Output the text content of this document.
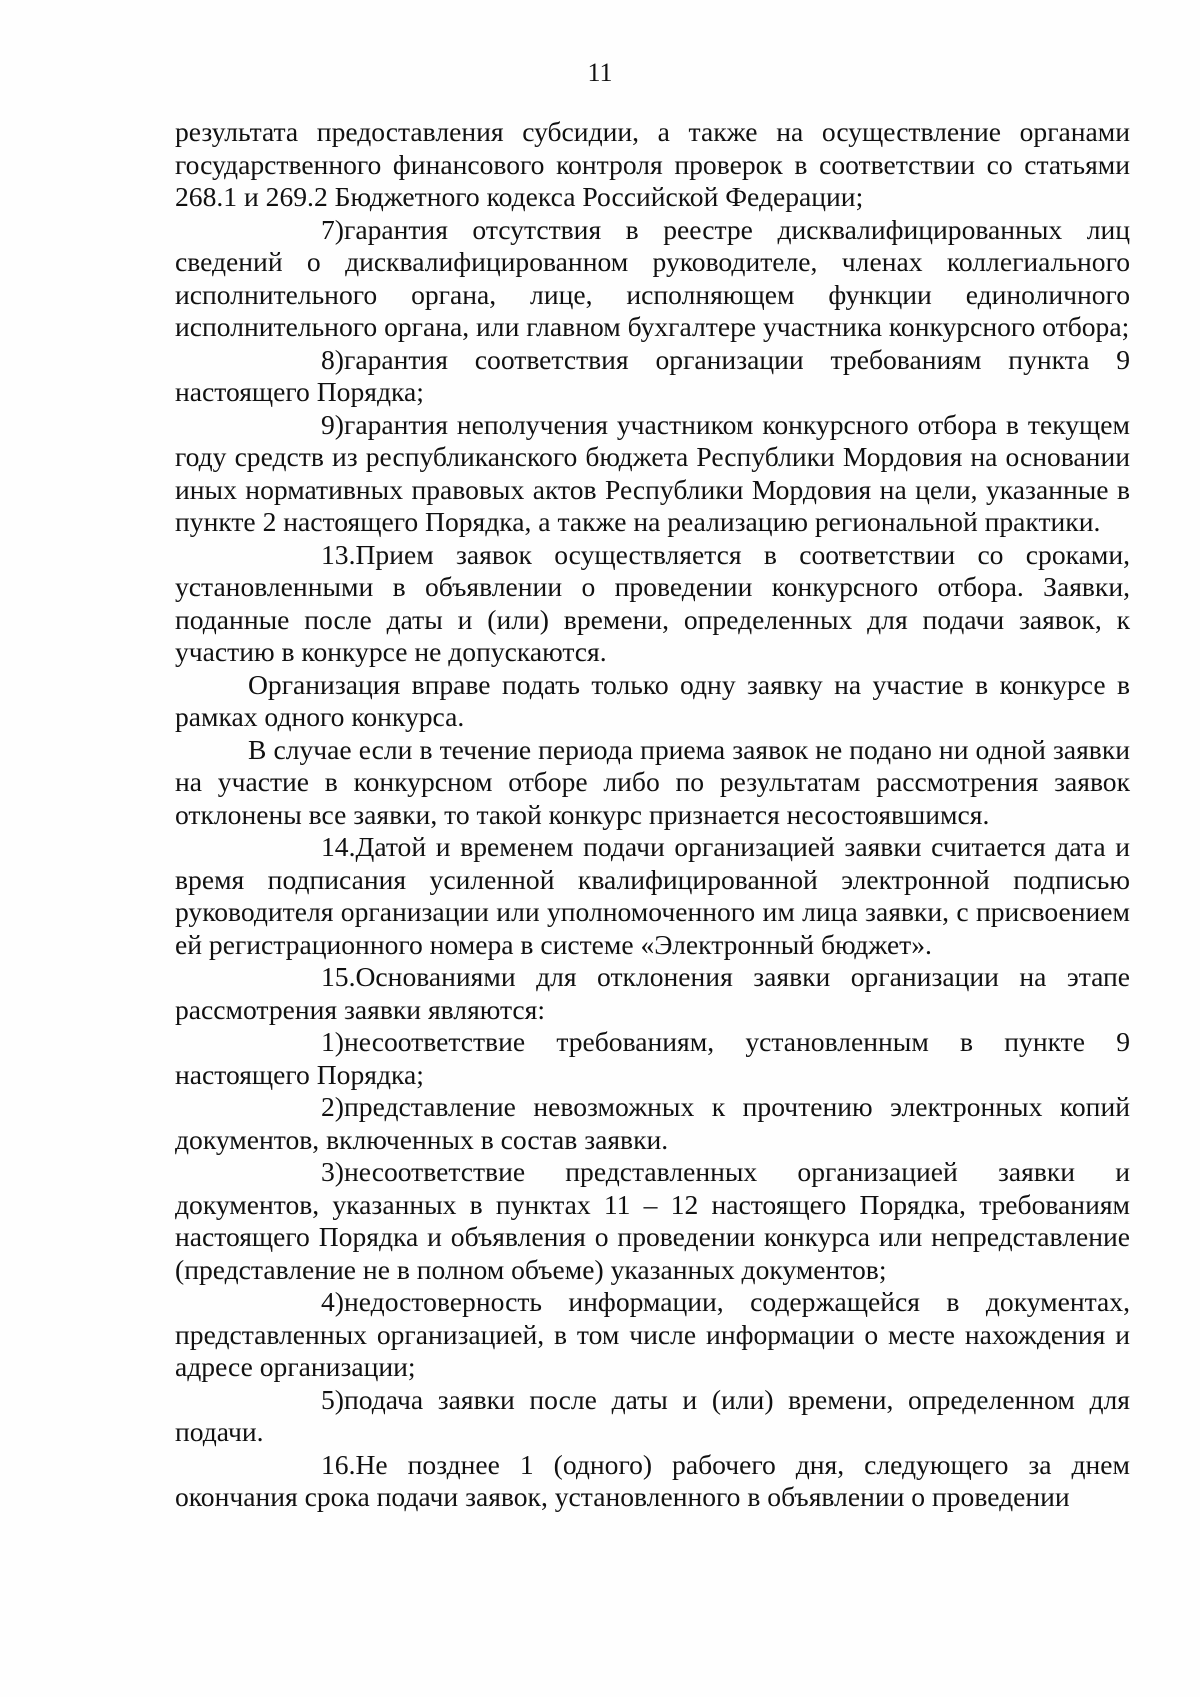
11

результата предоставления субсидии, а также на осуществление органами государственного финансового контроля проверок в соответствии со статьями 268.1 и 269.2 Бюджетного кодекса Российской Федерации;

7)гарантия отсутствия в реестре дисквалифицированных лиц сведений о дисквалифицированном руководителе, членах коллегиального исполнительного органа, лице, исполняющем функции единоличного исполнительного органа, или главном бухгалтере участника конкурсного отбора;

8)гарантия соответствия организации требованиям пункта 9 настоящего Порядка;

9)гарантия неполучения участником конкурсного отбора в текущем году средств из республиканского бюджета Республики Мордовия на основании иных нормативных правовых актов Республики Мордовия на цели, указанные в пункте 2 настоящего Порядка, а также на реализацию региональной практики.

13.Прием заявок осуществляется в соответствии со сроками, установленными в объявлении о проведении конкурсного отбора. Заявки, поданные после даты и (или) времени, определенных для подачи заявок, к участию в конкурсе не допускаются.

Организация вправе подать только одну заявку на участие в конкурсе в рамках одного конкурса.

В случае если в течение периода приема заявок не подано ни одной заявки на участие в конкурсном отборе либо по результатам рассмотрения заявок отклонены все заявки, то такой конкурс признается несостоявшимся.

14.Датой и временем подачи организацией заявки считается дата и время подписания усиленной квалифицированной электронной подписью руководителя организации или уполномоченного им лица заявки, с присвоением ей регистрационного номера в системе «Электронный бюджет».

15.Основаниями для отклонения заявки организации на этапе рассмотрения заявки являются:

1)несоответствие требованиям, установленным в пункте 9 настоящего Порядка;

2)представление невозможных к прочтению электронных копий документов, включенных в состав заявки.

3)несоответствие представленных организацией заявки и документов, указанных в пунктах 11 – 12 настоящего Порядка, требованиям настоящего Порядка и объявления о проведении конкурса или непредставление (представление не в полном объеме) указанных документов;

4)недостоверность информации, содержащейся в документах, представленных организацией, в том числе информации о месте нахождения и адресе организации;

5)подача заявки после даты и (или) времени, определенном для подачи.

16.Не позднее 1 (одного) рабочего дня, следующего за днем окончания срока подачи заявок, установленного в объявлении о проведении
